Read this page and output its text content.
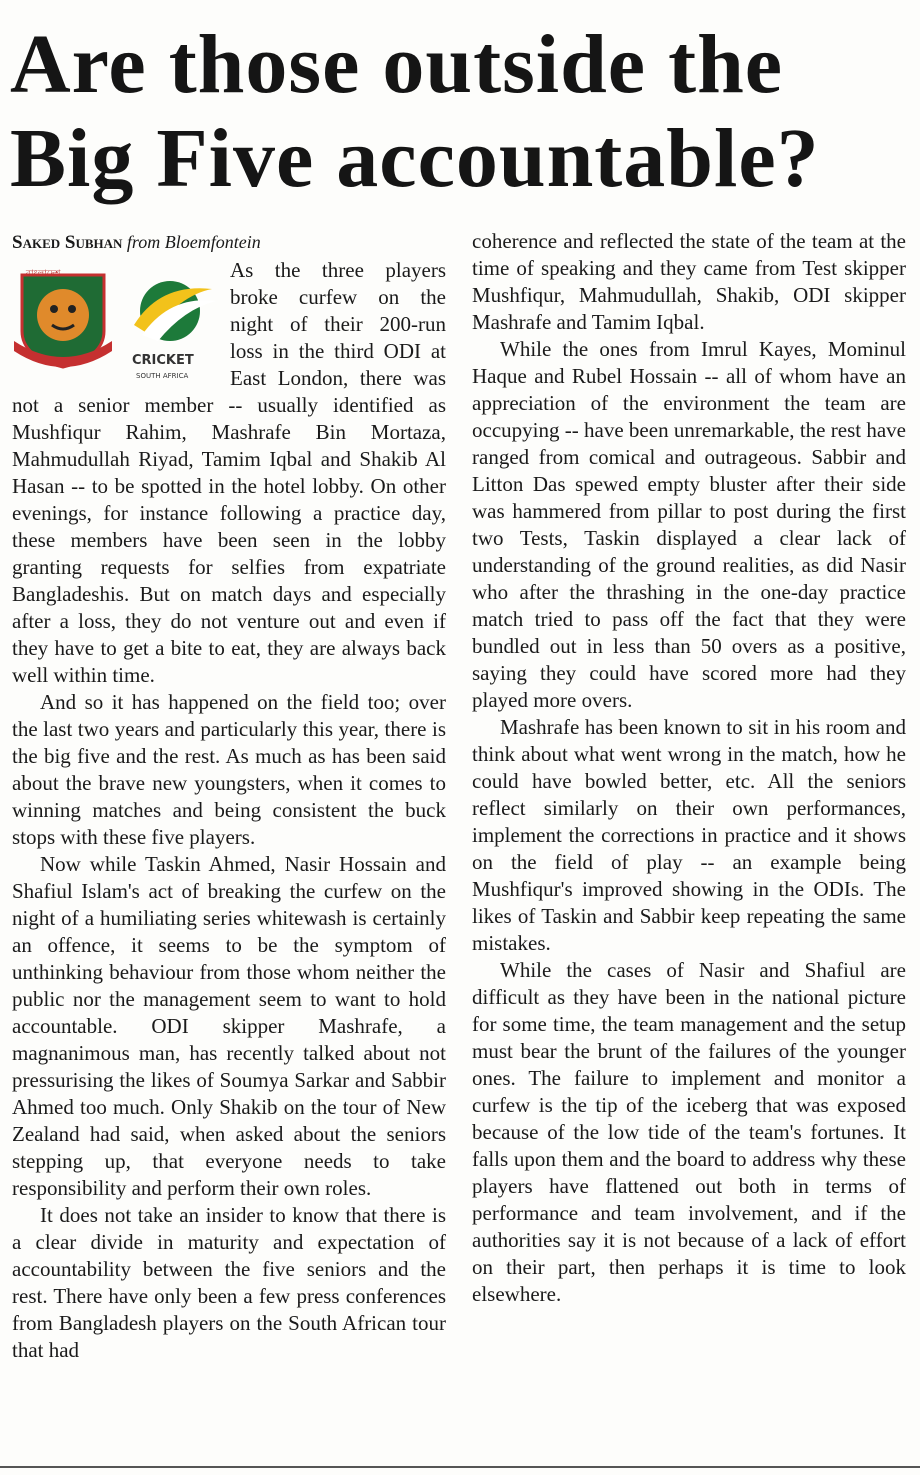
Are those outside the Big Five accountable?
Saked Subhan from Bloemfontein
বাংলাদেশ
CRICKET
SOUTH AFRICA

As the three players broke curfew on the night of their 200-run loss in the third ODI at East London, there was not a senior member -- usually identified as Mushfiqur Rahim, Mashrafe Bin Mortaza, Mahmudullah Riyad, Tamim Iqbal and Shakib Al Hasan -- to be spotted in the hotel lobby. On other evenings, for instance following a practice day, these members have been seen in the lobby granting requests for selfies from expatriate Bangladeshis. But on match days and especially after a loss, they do not venture out and even if they have to get a bite to eat, they are always back well within time.

And so it has happened on the field too; over the last two years and particularly this year, there is the big five and the rest. As much as has been said about the brave new youngsters, when it comes to winning matches and being consistent the buck stops with these five players.

Now while Taskin Ahmed, Nasir Hossain and Shafiul Islam's act of breaking the curfew on the night of a humiliating series whitewash is certainly an offence, it seems to be the symptom of unthinking behaviour from those whom neither the public nor the management seem to want to hold accountable. ODI skipper Mashrafe, a magnanimous man, has recently talked about not pressurising the likes of Soumya Sarkar and Sabbir Ahmed too much. Only Shakib on the tour of New Zealand had said, when asked about the seniors stepping up, that everyone needs to take responsibility and perform their own roles.

It does not take an insider to know that there is a clear divide in maturity and expectation of accountability between the five seniors and the rest. There have only been a few press conferences from Bangladesh players on the South African tour that had

coherence and reflected the state of the team at the time of speaking and they came from Test skipper Mushfiqur, Mahmudullah, Shakib, ODI skipper Mashrafe and Tamim Iqbal.

While the ones from Imrul Kayes, Mominul Haque and Rubel Hossain -- all of whom have an appreciation of the environment the team are occupying -- have been unremarkable, the rest have ranged from comical and outrageous. Sabbir and Litton Das spewed empty bluster after their side was hammered from pillar to post during the first two Tests, Taskin displayed a clear lack of understanding of the ground realities, as did Nasir who after the thrashing in the one-day practice match tried to pass off the fact that they were bundled out in less than 50 overs as a positive, saying they could have scored more had they played more overs.

Mashrafe has been known to sit in his room and think about what went wrong in the match, how he could have bowled better, etc. All the seniors reflect similarly on their own performances, implement the corrections in practice and it shows on the field of play -- an example being Mushfiqur's improved showing in the ODIs. The likes of Taskin and Sabbir keep repeating the same mistakes.

While the cases of Nasir and Shafiul are difficult as they have been in the national picture for some time, the team management and the setup must bear the brunt of the failures of the younger ones. The failure to implement and monitor a curfew is the tip of the iceberg that was exposed because of the low tide of the team's fortunes. It falls upon them and the board to address why these players have flattened out both in terms of performance and team involvement, and if the authorities say it is not because of a lack of effort on their part, then perhaps it is time to look elsewhere.
